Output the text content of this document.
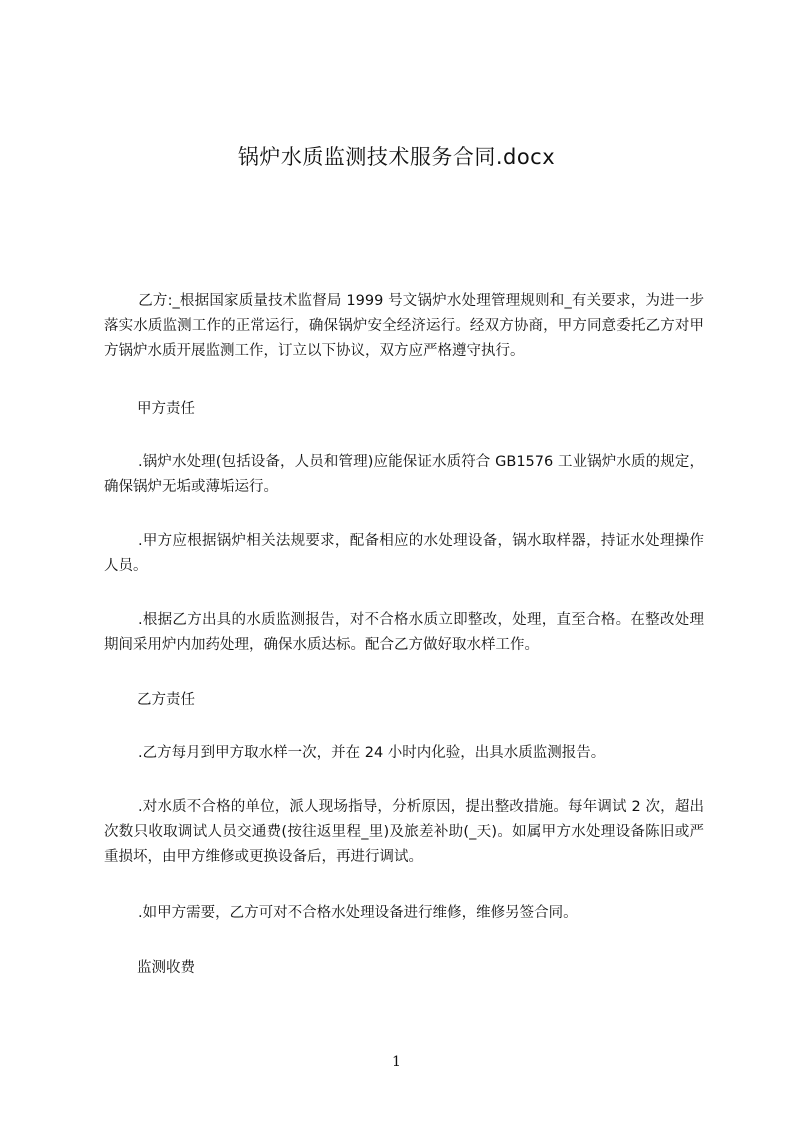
锅炉水质监测技术服务合同.docx
乙方:_根据国家质量技术监督局 1999 号文锅炉水处理管理规则和_有关要求，为进一步落实水质监测工作的正常运行，确保锅炉安全经济运行。经双方协商，甲方同意委托乙方对甲方锅炉水质开展监测工作，订立以下协议，双方应严格遵守执行。
甲方责任
.锅炉水处理(包括设备，人员和管理)应能保证水质符合 GB1576 工业锅炉水质的规定，确保锅炉无垢或薄垢运行。
.甲方应根据锅炉相关法规要求，配备相应的水处理设备，锅水取样器，持证水处理操作人员。
.根据乙方出具的水质监测报告，对不合格水质立即整改，处理，直至合格。在整改处理期间采用炉内加药处理，确保水质达标。配合乙方做好取水样工作。
乙方责任
.乙方每月到甲方取水样一次，并在 24 小时内化验，出具水质监测报告。
.对水质不合格的单位，派人现场指导，分析原因，提出整改措施。每年调试 2 次，超出次数只收取调试人员交通费(按往返里程_里)及旅差补助(_天)。如属甲方水处理设备陈旧或严重损坏，由甲方维修或更换设备后，再进行调试。
.如甲方需要，乙方可对不合格水处理设备进行维修，维修另签合同。
监测收费
1
